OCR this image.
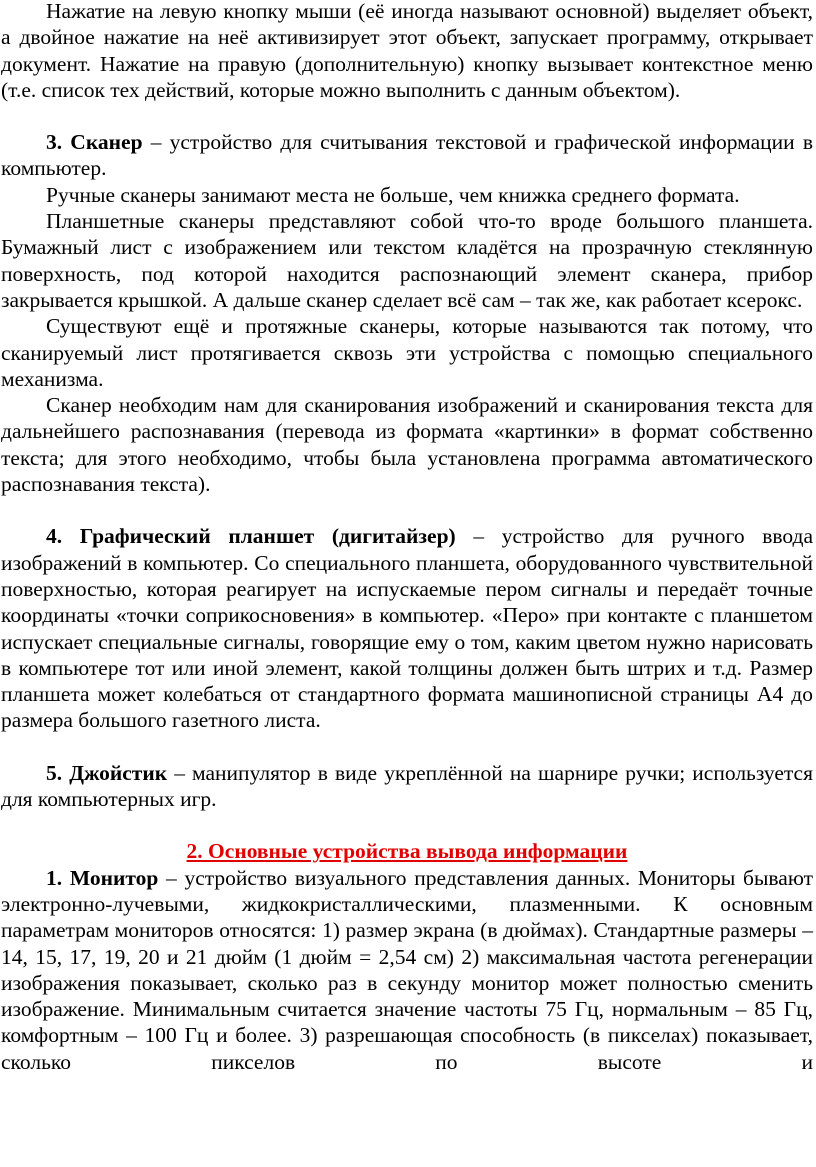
Нажатие на левую кнопку мыши (её иногда называют основной) выделяет объект, а двойное нажатие на неё активизирует этот объект, запускает программу, открывает документ. Нажатие на правую (дополнительную) кнопку вызывает контекстное меню (т.е. список тех действий, которые можно выполнить с данным объектом).

3. Сканер – устройство для считывания текстовой и графической информации в компьютер.

Ручные сканеры занимают места не больше, чем книжка среднего формата.

Планшетные сканеры представляют собой что-то вроде большого планшета. Бумажный лист с изображением или текстом кладётся на прозрачную стеклянную поверхность, под которой находится распознающий элемент сканера, прибор закрывается крышкой. А дальше сканер сделает всё сам – так же, как работает ксерокс.

Существуют ещё и протяжные сканеры, которые называются так потому, что сканируемый лист протягивается сквозь эти устройства с помощью специального механизма.

Сканер необходим нам для сканирования изображений и сканирования текста для дальнейшего распознавания (перевода из формата «картинки» в формат собственно текста; для этого необходимо, чтобы была установлена программа автоматического распознавания текста).

4. Графический планшет (дигитайзер) – устройство для ручного ввода изображений в компьютер. Со специального планшета, оборудованного чувствительной поверхностью, которая реагирует на испускаемые пером сигналы и передаёт точные координаты «точки соприкосновения» в компьютер. «Перо» при контакте с планшетом испускает специальные сигналы, говорящие ему о том, каким цветом нужно нарисовать в компьютере тот или иной элемент, какой толщины должен быть штрих и т.д. Размер планшета может колебаться от стандартного формата машинописной страницы А4 до размера большого газетного листа.

5. Джойстик – манипулятор в виде укреплённой на шарнире ручки; используется для компьютерных игр.

2. Основные устройства вывода информации

1. Монитор – устройство визуального представления данных. Мониторы бывают электронно-лучевыми, жидкокристаллическими, плазменными. К основным параметрам мониторов относятся: 1) размер экрана (в дюймах). Стандартные размеры – 14, 15, 17, 19, 20 и 21 дюйм (1 дюйм = 2,54 см) 2) максимальная частота регенерации изображения показывает, сколько раз в секунду монитор может полностью сменить изображение. Минимальным считается значение частоты 75 Гц, нормальным – 85 Гц, комфортным – 100 Гц и более. 3) разрешающая способность (в пикселах) показывает, сколько пикселов по высоте и
